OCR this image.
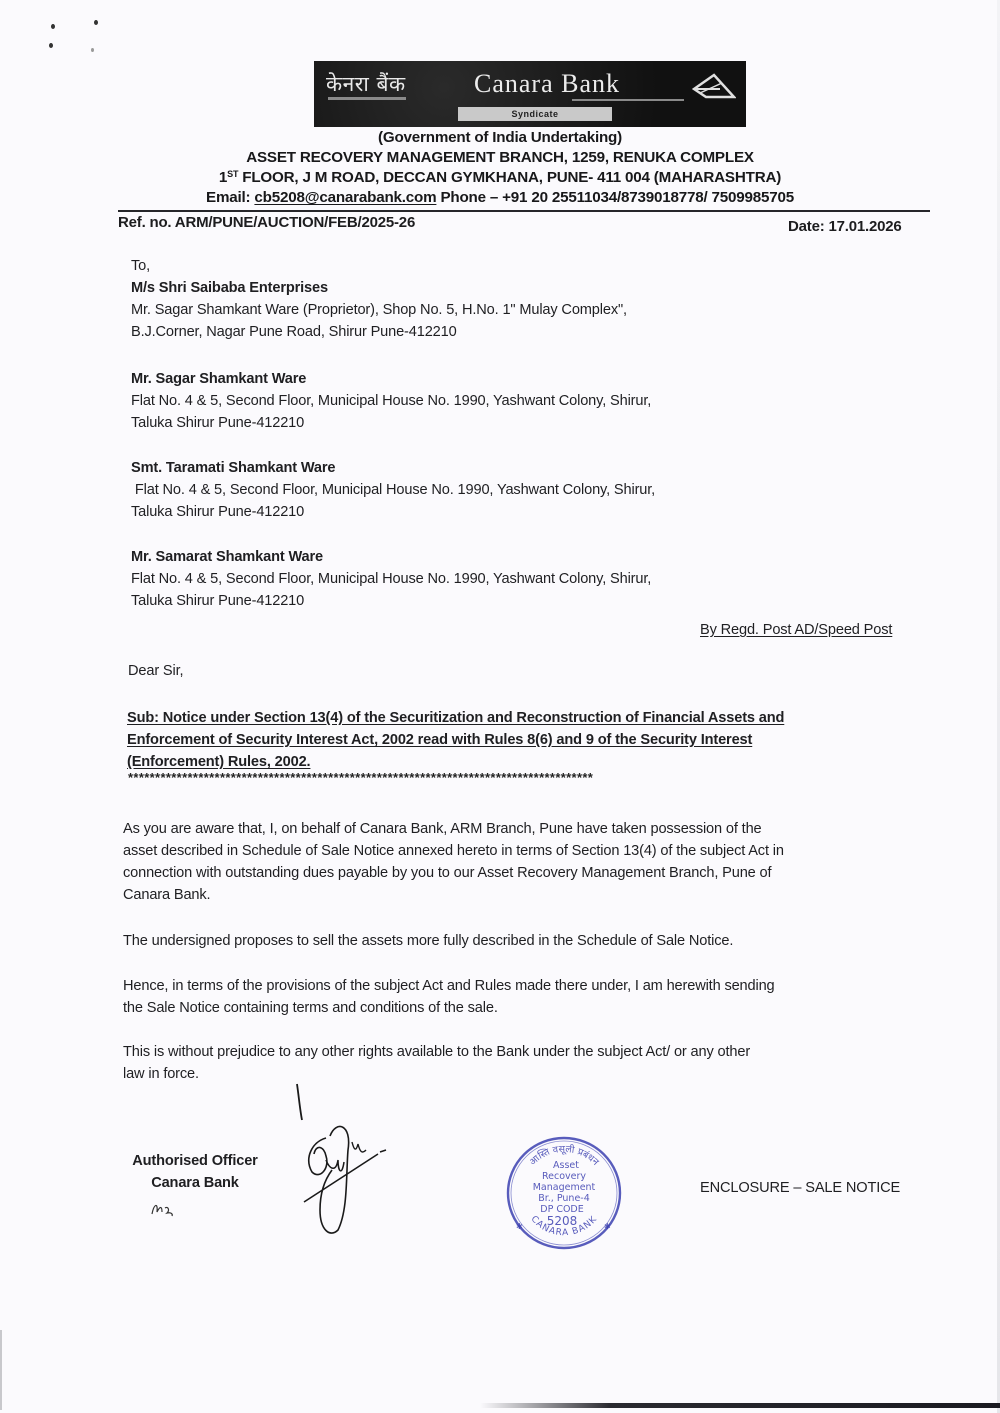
केनरा बैंक	Canara Bank
Syndicate
(Government of India Undertaking)
ASSET RECOVERY MANAGEMENT BRANCH, 1259, RENUKA COMPLEX
1ST FLOOR, J M ROAD, DECCAN GYMKHANA, PUNE- 411 004 (MAHARASHTRA)
Email: cb5208@canarabank.com Phone – +91 20 25511034/8739018778/ 7509985705
Ref. no. ARM/PUNE/AUCTION/FEB/2025-26	Date: 17.01.2026
To,
M/s Shri Saibaba Enterprises
Mr. Sagar Shamkant Ware (Proprietor), Shop No. 5, H.No. 1" Mulay Complex",
B.J.Corner, Nagar Pune Road, Shirur Pune-412210
Mr. Sagar Shamkant Ware
Flat No. 4 & 5, Second Floor, Municipal House No. 1990, Yashwant Colony, Shirur,
Taluka Shirur Pune-412210
Smt. Taramati Shamkant Ware
Flat No. 4 & 5, Second Floor, Municipal House No. 1990, Yashwant Colony, Shirur,
Taluka Shirur Pune-412210
Mr. Samarat Shamkant Ware
Flat No. 4 & 5, Second Floor, Municipal House No. 1990, Yashwant Colony, Shirur,
Taluka Shirur Pune-412210
By Regd. Post AD/Speed Post
Dear Sir,
Sub: Notice under Section 13(4) of the Securitization and Reconstruction of Financial Assets and
Enforcement of Security Interest Act, 2002 read with Rules 8(6) and 9 of the Security Interest
(Enforcement) Rules, 2002.
**************************************************************************************
As you are aware that, I, on behalf of Canara Bank, ARM Branch, Pune have taken possession of the
asset described in Schedule of Sale Notice annexed hereto in terms of Section 13(4) of the subject Act in
connection with outstanding dues payable by you to our Asset Recovery Management Branch, Pune of
Canara Bank.
The undersigned proposes to sell the assets more fully described in the Schedule of Sale Notice.
Hence, in terms of the provisions of the subject Act and Rules made there under, I am herewith sending
the Sale Notice containing terms and conditions of the sale.
This is without prejudice to any other rights available to the Bank under the subject Act/ or any other
law in force.
Authorised Officer
Canara Bank
आस्ति वसूली प्रबंधन
CANARA BANK
Asset
Recovery
Management
Br., Pune-4
DP CODE
5208
✱	✱
ENCLOSURE – SALE NOTICE
